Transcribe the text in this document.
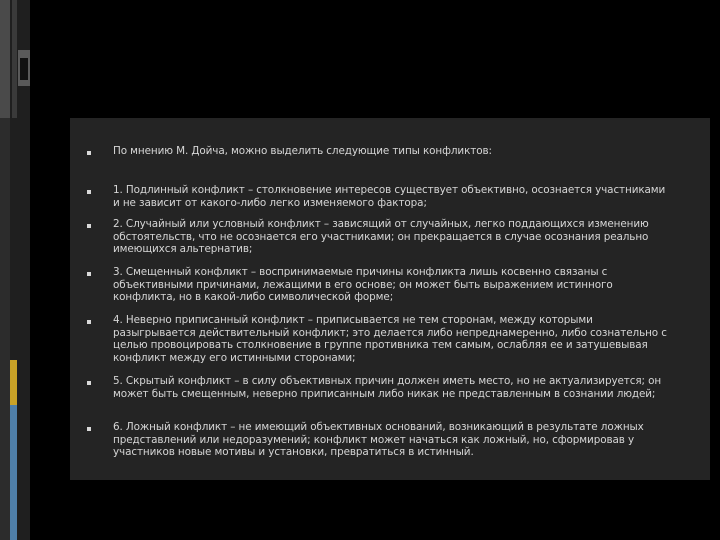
По мнению М. Дойча, можно выделить следующие типы конфликтов:
1. Подлинный конфликт – столкновение интересов существует объективно, осознается участниками и не зависит от какого-либо легко изменяемого фактора;
2. Случайный или условный конфликт – зависящий от случайных, легко поддающихся изменению обстоятельств, что не осознается его участниками; он прекращается в случае осознания реально имеющихся альтернатив;
3. Смещенный конфликт – воспринимаемые причины конфликта лишь косвенно связаны с объективными причинами, лежащими в его основе; он может быть выражением истинного конфликта, но в какой-либо символической форме;
4. Неверно приписанный конфликт – приписывается не тем сторонам, между которыми разыгрывается действительный конфликт; это делается либо непреднамеренно, либо сознательно с целью провоцировать столкновение в группе противника тем самым, ослабляя ее и затушевывая конфликт между его истинными сторонами;
5. Скрытый конфликт – в силу объективных причин должен иметь место, но не актуализируется; он может быть смещенным, неверно приписанным либо никак не представленным в сознании людей;
6. Ложный конфликт – не имеющий объективных оснований, возникающий в результате ложных представлений или недоразумений; конфликт может начаться как ложный, но, сформировав у участников новые мотивы и установки, превратиться в истинный.
